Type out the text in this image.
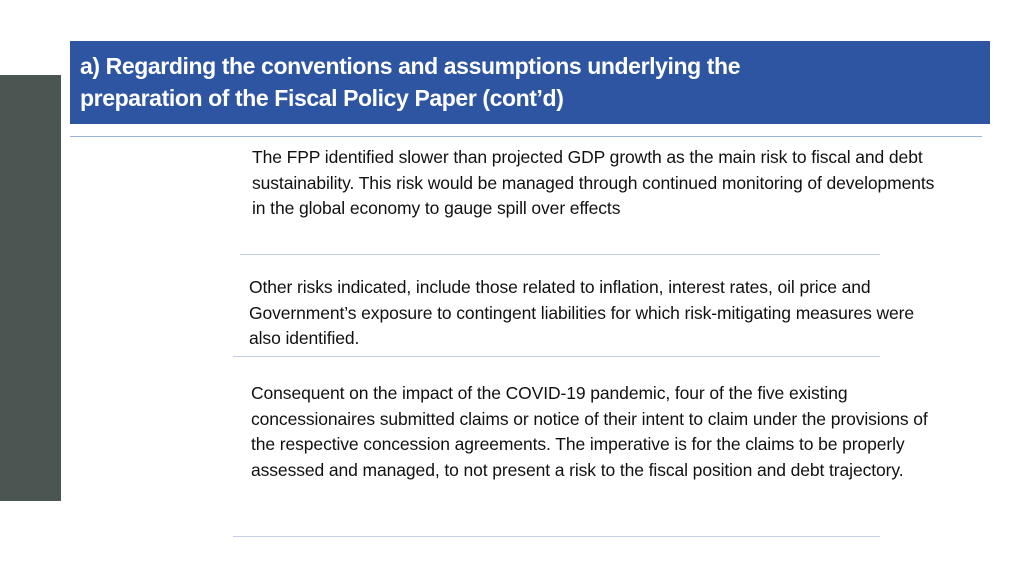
a) Regarding the conventions and assumptions underlying the
preparation of the Fiscal Policy Paper (cont’d)

The FPP identified slower than projected GDP growth as the main risk to fiscal and debt sustainability. This risk would be managed through continued monitoring of developments in the global economy to gauge spill over effects

Other risks indicated, include those related to inflation, interest rates, oil price and Government’s exposure to contingent liabilities for which risk-mitigating measures were also identified.

Consequent on the impact of the COVID-19 pandemic, four of the five existing concessionaires submitted claims or notice of their intent to claim under the provisions of the respective concession agreements. The imperative is for the claims to be properly assessed and managed, to not present a risk to the fiscal position and debt trajectory.
